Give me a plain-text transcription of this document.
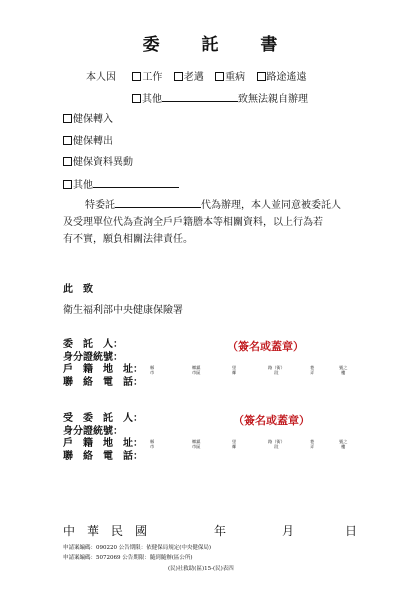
委 託 書
本人因	工作 老邁 重病 路途遙遠
其他	致無法親自辦理
健保轉入
健保轉出
健保資料異動
其他
特委託	代為辦理，本人並同意被委託人
及受理單位代為查詢全戶戶籍謄本等相關資料，以上行為若
有不實，願負相關法律責任。
此　致
衛生福利部中央健康保險署
委　託　人：
身分證統號：
戶　籍　地　址：
聯　絡　電　話：
（簽名或蓋章）
縣
市
鄉鎮
市區
里
鄰
路（街）
段
巷
弄
號之
樓
受　委　託　人：
身分證統號：
戶　籍　地　址：
聯　絡　電　話：
（簽名或蓋章）
縣
市
鄉鎮
市區
里
鄰
路（街）
段
巷
弄
號之
樓
中　華　民　國	年	月	日
申請案編碼：090220 公告期限：依健保局規定(中央健保局)
申請案編碼：5072069 公告期限：隨到隨辦(區公所)
(民)社救助(區)15-(民)表四
